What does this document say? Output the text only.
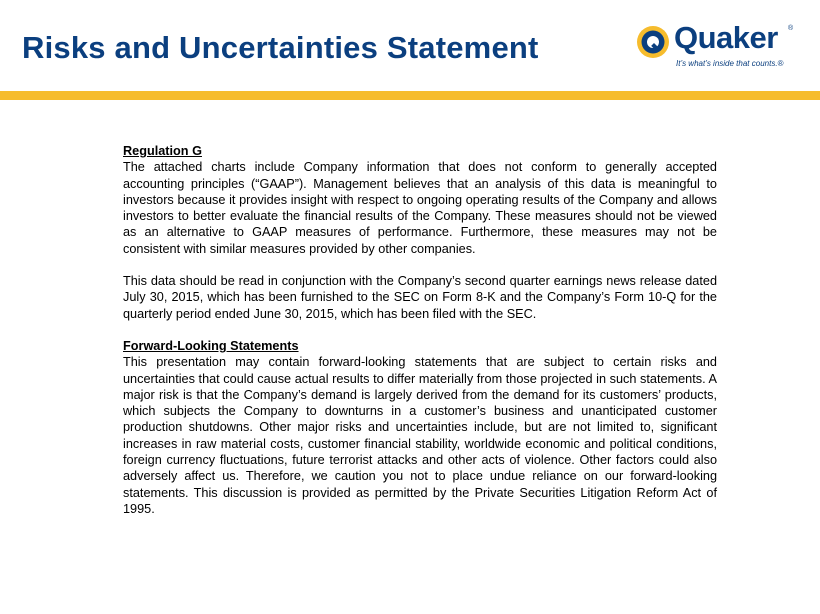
Risks and Uncertainties Statement	Quaker ®
It’s what’s inside that counts.®
Regulation G

The attached charts include Company information that does not conform to generally accepted accounting principles (“GAAP”). Management believes that an analysis of this data is meaningful to investors because it provides insight with respect to ongoing operating results of the Company and allows investors to better evaluate the financial results of the Company. These measures should not be viewed as an alternative to GAAP measures of performance. Furthermore, these measures may not be consistent with similar measures provided by other companies.

This data should be read in conjunction with the Company’s second quarter earnings news release dated July 30, 2015, which has been furnished to the SEC on Form 8-K and the Company’s Form 10-Q for the quarterly period ended June 30, 2015, which has been filed with the SEC.

Forward-Looking Statements

This presentation may contain forward-looking statements that are subject to certain risks and uncertainties that could cause actual results to differ materially from those projected in such statements. A major risk is that the Company’s demand is largely derived from the demand for its customers’ products, which subjects the Company to downturns in a customer’s business and unanticipated customer production shutdowns. Other major risks and uncertainties include, but are not limited to, significant increases in raw material costs, customer financial stability, worldwide economic and political conditions, foreign currency fluctuations, future terrorist attacks and other acts of violence. Other factors could also adversely affect us. Therefore, we caution you not to place undue reliance on our forward-looking statements. This discussion is provided as permitted by the Private Securities Litigation Reform Act of 1995.
